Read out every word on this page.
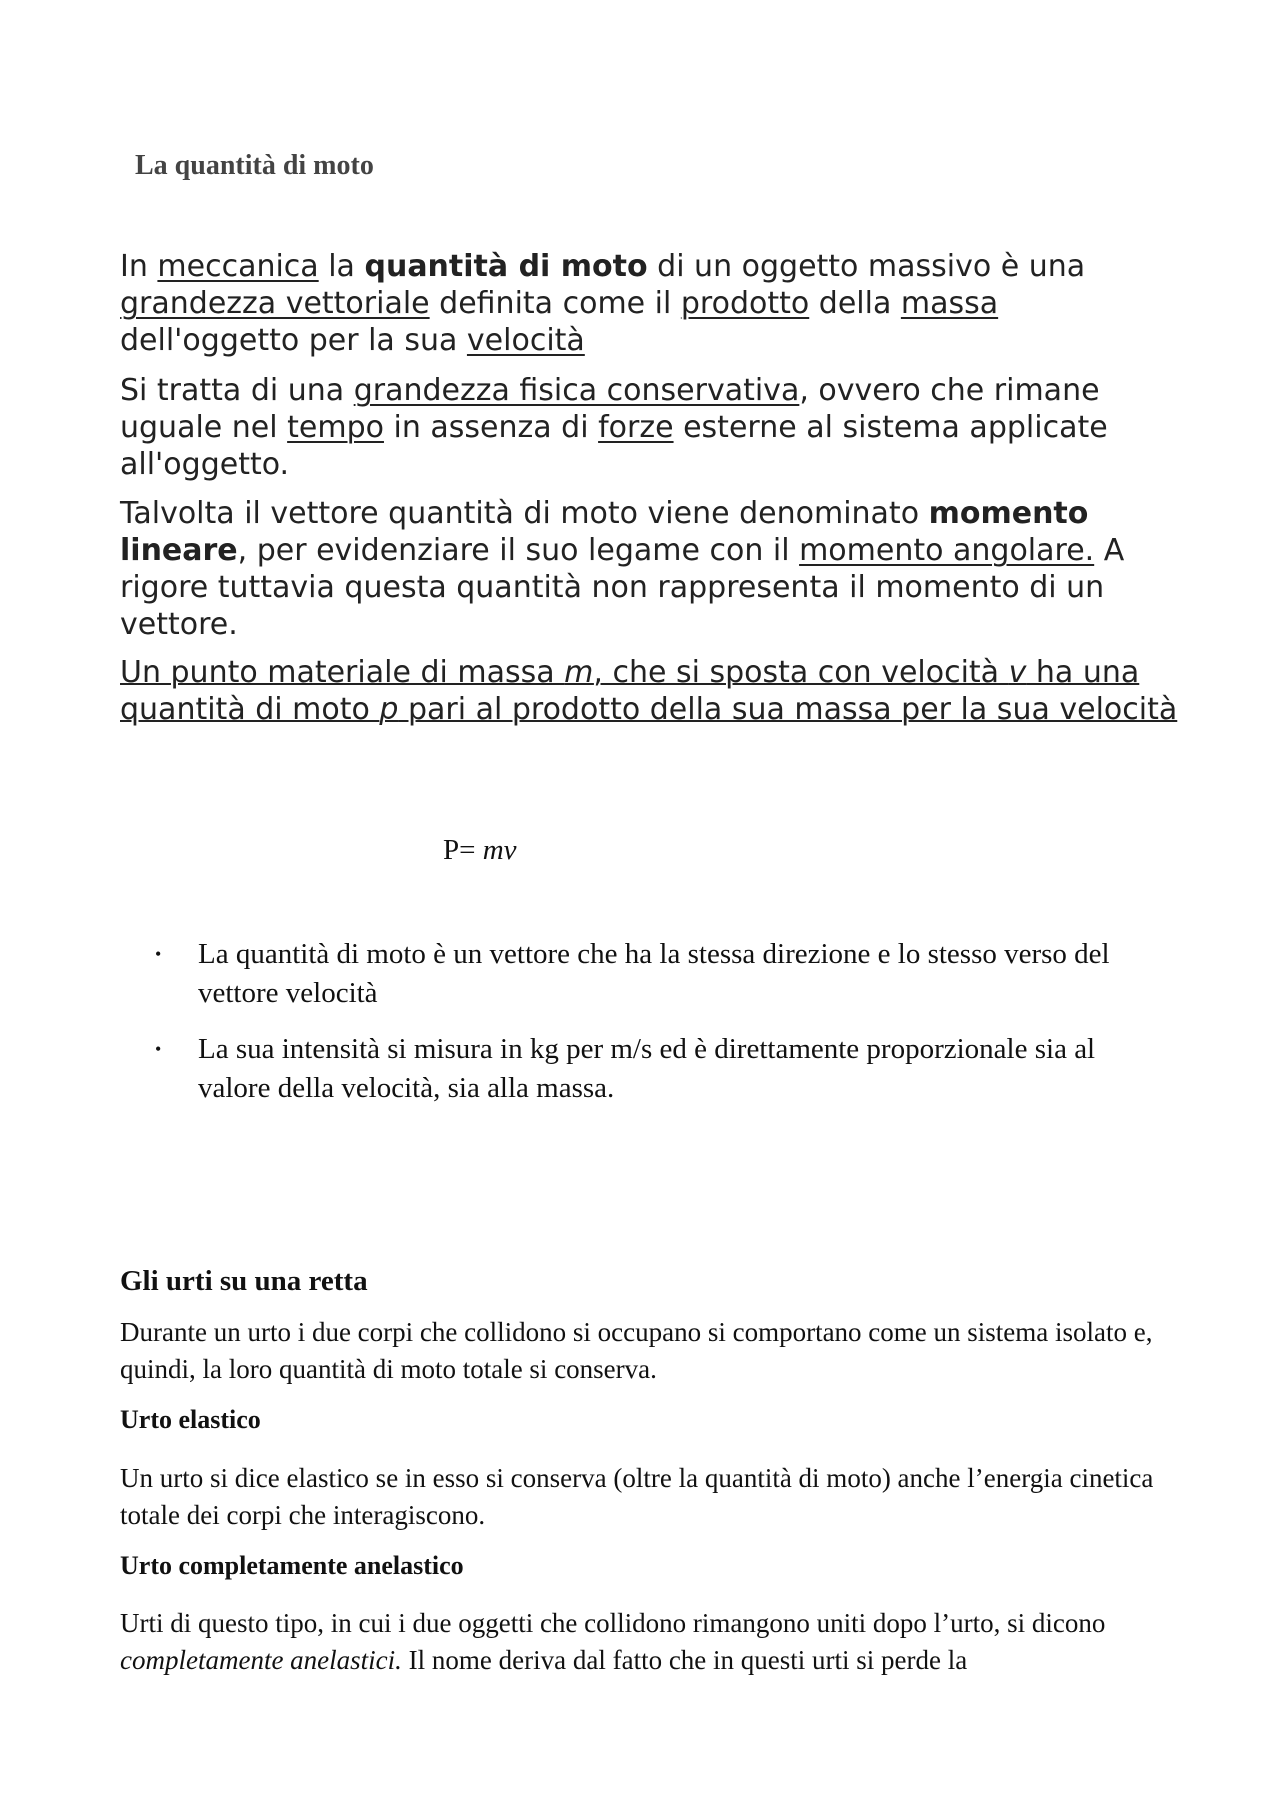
La quantità di moto
In meccanica la quantità di moto di un oggetto massivo è una grandezza vettoriale definita come il prodotto della massa dell'oggetto per la sua velocità
Si tratta di una grandezza fisica conservativa, ovvero che rimane uguale nel tempo in assenza di forze esterne al sistema applicate all'oggetto.
Talvolta il vettore quantità di moto viene denominato momento lineare, per evidenziare il suo legame con il momento angolare. A rigore tuttavia questa quantità non rappresenta il momento di un vettore.
Un punto materiale di massa m, che si sposta con velocità v ha una quantità di moto p pari al prodotto della sua massa per la sua velocità
P= mv
•	La quantità di moto è un vettore che ha la stessa direzione e lo stesso verso del vettore velocità
•	La sua intensità si misura in kg per m/s ed è direttamente proporzionale sia al valore della velocità, sia alla massa.
Gli urti su una retta
Durante un urto i due corpi che collidono si occupano si comportano come un sistema isolato e, quindi, la loro quantità di moto totale si conserva.
Urto elastico
Un urto si dice elastico se in esso si conserva (oltre la quantità di moto) anche l’energia cinetica totale dei corpi che interagiscono.
Urto completamente anelastico
Urti di questo tipo, in cui i due oggetti che collidono rimangono uniti dopo l’urto, si dicono completamente anelastici. Il nome deriva dal fatto che in questi urti si perde la
